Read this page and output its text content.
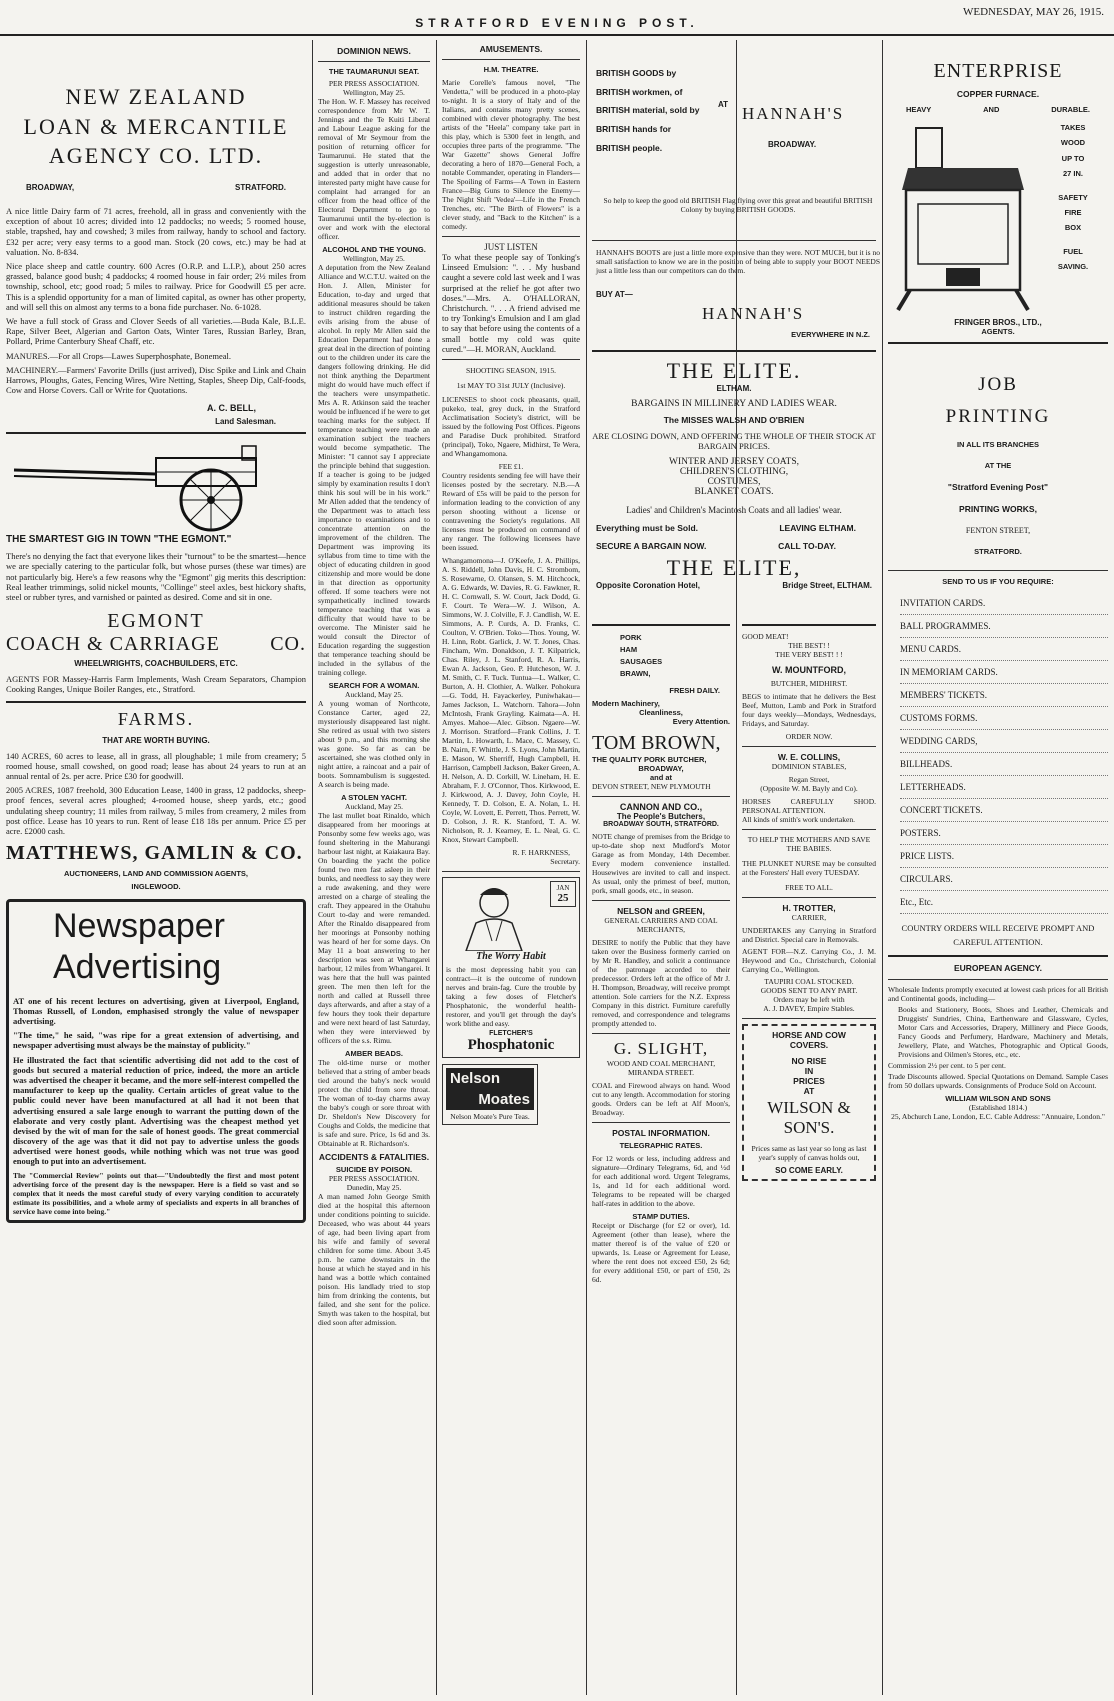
STRATFORD EVENING POST.
WEDNESDAY, MAY 26, 1915.
NEW ZEALAND
LOAN & MERCANTILE
AGENCY CO. LTD.
BROADWAY,	STRATFORD.
A nice little Dairy farm of 71 acres, freehold, all in grass and conveniently with the exception of about 10 acres; divided into 12 paddocks; no weeds; 5 roomed house, stable, trapshed, hay and cowshed; 3 miles from railway, handy to school and factory. £32 per acre; very easy terms to a good man. Stock (20 cows, etc.) may be had at valuation. No. 8-834.
Nice place sheep and cattle country. 600 Acres (O.R.P. and L.I.P.), about 250 acres grassed, balance good bush; 4 paddocks; 4 roomed house in fair order; 2½ miles from township, school, etc; good road; 5 miles to railway. Price for Goodwill £5 per acre. This is a splendid opportunity for a man of limited capital, as owner has other property, and will sell this on almost any terms to a bona fide purchaser. No. 6-1028.
We have a full stock of Grass and Clover Seeds of all varieties.—Buda Kale, B.L.E. Rape, Silver Beet, Algerian and Garton Oats, Winter Tares, Russian Barley, Bran, Pollard, Prime Canterbury Sheaf Chaff, etc.
MANURES.—For all Crops—Lawes Superphosphate, Bonemeal.
MACHINERY.—Farmers' Favorite Drills (just arrived), Disc Spike and Link and Chain Harrows, Ploughs, Gates, Fencing Wires, Wire Netting, Staples, Sheep Dip, Calf-foods, Cow and Horse Covers. Call or Write for Quotations.
A. C. BELL,
Land Salesman.
THE SMARTEST GIG IN TOWN "THE EGMONT."
There's no denying the fact that everyone likes their "turnout" to be the smartest—hence we are specially catering to the particular folk, but whose purses (these war times) are not particularly big. Here's a few reasons why the "Egmont" gig merits this description: Real leather trimmings, solid nickel mounts, "Collinge" steel axles, best hickory shafts, steel or rubber tyres, and varnished or painted as desired. Come and sit in one.
EGMONT
COACH & CARRIAGE	CO.
WHEELWRIGHTS, COACHBUILDERS, ETC.
AGENTS FOR Massey-Harris Farm Implements, Wash Cream Separators, Champion Cooking Ranges, Unique Boiler Ranges, etc., Stratford.
FARMS.
THAT ARE WORTH BUYING.
140 ACRES, 60 acres to lease, all in grass, all ploughable; 1 mile from creamery; 5 roomed house, small cowshed, on good road; lease has about 24 years to run at an annual rental of 2s. per acre. Price £30 for goodwill.
2005 ACRES, 1087 freehold, 300 Education Lease, 1400 in grass, 12 paddocks, sheep-proof fences, several acres ploughed; 4-roomed house, sheep yards, etc.; good undulating sheep country; 11 miles from railway, 5 miles from creamery, 2 miles from post office. Lease has 10 years to run. Rent of lease £18 18s per annum. Price £5 per acre. £2000 cash.
MATTHEWS, GAMLIN & CO.
AUCTIONEERS, LAND AND COMMISSION AGENTS,
INGLEWOOD.
Newspaper
Advertising
AT one of his recent lectures on advertising, given at Liverpool, England, Thomas Russell, of London, emphasised strongly the value of newspaper advertising.
"The time," he said, "was ripe for a great extension of advertising, and newspaper advertising must always be the mainstay of publicity."
He illustrated the fact that scientific advertising did not add to the cost of goods but secured a material reduction of price, indeed, the more an article was advertised the cheaper it became, and the more self-interest compelled the manufacturer to keep up the quality. Certain articles of great value to the public could never have been manufactured at all had it not been that advertising ensured a sale large enough to warrant the putting down of the elaborate and very costly plant. Advertising was the cheapest method yet devised by the wit of man for the sale of honest goods. The great commercial discovery of the age was that it did not pay to advertise unless the goods advertised were honest goods, while nothing which was not true was good enough to put into an advertisement.
The "Commercial Review" points out that—"Undoubtedly the first and most potent advertising force of the present day is the newspaper. Here is a field so vast and so complex that it needs the most careful study of every varying condition to accurately estimate its possibilities, and a whole army of specialists and experts in all branches of service have come into being."
DOMINION NEWS.
THE TAUMARUNUI SEAT.
PER PRESS ASSOCIATION.
Wellington, May 25.
The Hon. W. F. Massey has received correspondence from Mr W. T. Jennings and the Te Kuiti Liberal and Labour League asking for the removal of Mr Seymour from the position of returning officer for Taumarunui. He stated that the suggestion is utterly unreasonable, and added that in order that no interested party might have cause for complaint had arranged for an officer from the head office of the Electoral Department to go to Taumarunui until the by-election is over and work with the electoral officer.
ALCOHOL AND THE YOUNG.
Wellington, May 25.
A deputation from the New Zealand Alliance and W.C.T.U. waited on the Hon. J. Allen, Minister for Education, to-day and urged that additional measures should be taken to instruct children regarding the evils arising from the abuse of alcohol. In reply Mr Allen said the Education Department had done a great deal in the direction of pointing out to the children under its care the dangers following drinking. He did not think anything the Department might do would have much effect if the teachers were unsympathetic. Mrs A. R. Atkinson said the teacher would be influenced if he were to get teaching marks for the subject. If temperance teaching were made an examination subject the teachers would become sympathetic. The Minister: "I cannot say I appreciate the principle behind that suggestion. If a teacher is going to be judged simply by examination results I don't think his soul will be in his work." Mr Allen added that the tendency of the Department was to attach less importance to examinations and to concentrate attention on the improvement of the children. The Department was improving its syllabus from time to time with the object of educating children in good citizenship and more would be done in that direction as opportunity offered. If some teachers were not sympathetically inclined towards temperance teaching that was a difficulty that would have to be overcome. The Minister said he would consult the Director of Education regarding the suggestion that temperance teaching should be included in the syllabus of the training college.
SEARCH FOR A WOMAN.
Auckland, May 25.
A young woman of Northcote, Constance Carter, aged 22, mysteriously disappeared last night. She retired as usual with two sisters about 9 p.m., and this morning she was gone. So far as can be ascertained, she was clothed only in night attire, a raincoat and a pair of boots. Somnambulism is suggested. A search is being made.
A STOLEN YACHT.
Auckland, May 25.
The last mullet boat Rinaldo, which disappeared from her moorings at Ponsonby some few weeks ago, was found sheltering in the Mahurangi harbour last night, at Kaiakaura Bay. On boarding the yacht the police found two men fast asleep in their bunks, and needless to say they were a rude awakening, and they were arrested on a charge of stealing the craft. They appeared in the Otahuhu Court to-day and were remanded. After the Rinaldo disappeared from her moorings at Ponsonby nothing was heard of her for some days. On May 11 a boat answering to her description was seen at Whangarei harbour, 12 miles from Whangarei. It was here that the hull was painted green. The men then left for the north and called at Russell three days afterwards, and after a stay of a few hours they took their departure and were next heard of last Saturday, when they were interviewed by officers of the s.s. Rimu.
AMBER BEADS.
The old-time nurse or mother believed that a string of amber beads tied around the baby's neck would protect the child from sore throat. The woman of to-day charms away the baby's cough or sore throat with Dr. Sheldon's New Discovery for Coughs and Colds, the medicine that is safe and sure. Price, 1s 6d and 3s. Obtainable at R. Richardson's.
ACCIDENTS & FATALITIES.
SUICIDE BY POISON.
PER PRESS ASSOCIATION.
Dunedin, May 25.
A man named John George Smith died at the hospital this afternoon under conditions pointing to suicide. Deceased, who was about 44 years of age, had been living apart from his wife and family of several children for some time. About 3.45 p.m. he came downstairs in the house at which he stayed and in his hand was a bottle which contained poison. His landlady tried to stop him from drinking the contents, but failed, and she sent for the police. Smyth was taken to the hospital, but died soon after admission.
AMUSEMENTS.
H.M. THEATRE.
Marie Corelle's famous novel, "The Vendetta," will be produced in a photo-play to-night. It is a story of Italy and of the Italians, and contains many pretty scenes, combined with clever photography. The best artists of the "Heela" company take part in this play, which is 5300 feet in length, and occupies three parts of the programme. "The War Gazette" shows General Joffre decorating a hero of 1870—General Foch, a notable Commander, operating in Flanders—The Spoiling of Farms—A Town in Eastern France—Big Guns to Silence the Enemy—The Night Shift 'Vedea'—Life in the French Trenches, etc. "The Birth of Flowers" is a clever study, and "Back to the Kitchen" is a comedy.
JUST LISTEN
To what these people say of Tonking's Linseed Emulsion: ". . . My husband caught a severe cold last week and I was surprised at the relief he got after two doses."—Mrs. A. O'HALLORAN, Christchurch. ". . . A friend advised me to try Tonking's Emulsion and I am glad to say that before using the contents of a small bottle my cold was quite cured."—H. MORAN, Auckland.
SHOOTING SEASON, 1915.
1st MAY TO 31st JULY (Inclusive).
LICENSES to shoot cock pheasants, quail, pukeko, teal, grey duck, in the Stratford Acclimatisation Society's district, will be issued by the following Post Offices. Pigeons and Paradise Duck prohibited. Stratford (principal), Toko, Ngaere, Midhirst, Te Wera, and Whangamomona.
FEE £1.
Country residents sending fee will have their licenses posted by the secretary. N.B.—A Reward of £5s will be paid to the person for information leading to the conviction of any person shooting without a license or contravening the Society's regulations. All licenses must be produced on command of any ranger. The following licensees have been issued.
Whangamomona—J. O'Keefe, J. A. Phillips, A. S. Riddell, John Davis, H. C. Strombom, S. Rosewarne, O. Olansen, S. M. Hitchcock, A. G. Edwards, W. Davies, R. G. Fawkner, R. H. C. Cornwall, S. W. Court, Jack Dodd, G. F. Court. Te Wera—W. J. Wilson, A. Simmons, W. J. Colville, F. J. Candlish, W. E. Simmons, A. P. Curds, A. D. Franks, C. Coulton, V. O'Brien. Toko—Thos. Young, W. H. Linn, Robt. Garlick, J. W. T. Jones, Chas. Fincham, Wm. Donaldson, J. T. Kilpatrick, Chas. Riley, J. L. Stanford, R. A. Harris, Ewan A. Jackson, Geo. P. Hutcheson, W. J. M. Smith, C. F. Tuck. Tuntua—L. Walker, C. Burton, A. H. Clothier, A. Walker. Pohokura—G. Todd, H. Fayackerley, Puniwhakau—James Jackson, L. Watchorn. Tahora—John McIntosh, Frank Grayling. Kaimata—A. H. Amyes. Mahoe—Alec. Gibson. Ngaere—W. J. Morrison. Stratford—Frank Collins, J. T. Martin, L. Howarth, L. Mace, C. Massey, C. B. Nairn, F. Whittle, J. S. Lyons, John Martin, E. Mason, W. Sherriff, Hugh Campbell, H. Harrison, Campbell Jackson, Baker Green, A. H. Nelson, A. D. Corkill, W. Lineham, H. E. Abraham, F. J. O'Connor, Thos. Kirkwood, E. J. Kirkwood, A. J. Davey, John Coyle, H. Kennedy, T. D. Colson, E. A. Nolan, L. H. Coyle, W. Lovett, E. Perrett, Thos. Perrett, W. D. Colson, J. R. K. Stanford, T. A. W. Nicholson, R. J. Kearney, E. L. Neal, G. C. Knox, Stewart Campbell.
R. F. HARKNESS,
Secretary.
JAN
25
The Worry Habit
is the most depressing habit you can contract—it is the outcome of rundown nerves and brain-fag. Cure the trouble by taking a few doses of Fletcher's Phosphatonic, the wonderful health-restorer, and you'll get through the day's work blithe and easy.
FLETCHER'S
Phosphatonic
Nelson
Moates
Nelson Moate's Pure Teas.
BRITISH GOODS by
BRITISH workmen, of
BRITISH material, sold by
BRITISH hands for
BRITISH people.
AT HANNAH'S
BROADWAY.
So help to keep the good old BRITISH Flag flying over this great and beautiful BRITISH Colony by buying BRITISH GOODS.
HANNAH'S BOOTS are just a little more expensive than they were. NOT MUCH, but it is no small satisfaction to know we are in the position of being able to supply your BOOT NEEDS just a little less than our competitors can do them.
BUY AT—
HANNAH'S
EVERYWHERE IN N.Z.
THE ELITE.
ELTHAM.
BARGAINS IN MILLINERY AND LADIES WEAR.
The MISSES WALSH AND O'BRIEN
ARE CLOSING DOWN, AND OFFERING THE WHOLE OF THEIR STOCK AT BARGAIN PRICES.
WINTER AND JERSEY COATS,
CHILDREN'S CLOTHING,
COSTUMES,
BLANKET COATS.
Ladies' and Children's Macintosh Coats and all ladies' wear.
Everything must be Sold.	LEAVING ELTHAM.
SECURE A BARGAIN NOW.	CALL TO-DAY.
THE ELITE,
Opposite Coronation Hotel,	Bridge Street, ELTHAM.
PORK
HAM
SAUSAGES
BRAWN,
FRESH DAILY.
Modern Machinery,
Cleanliness,
Every Attention.
TOM BROWN,
THE QUALITY PORK BUTCHER,
BROADWAY,
and at
DEVON STREET, NEW PLYMOUTH
CANNON AND CO.,
The People's Butchers,
BROADWAY SOUTH, STRATFORD.
NOTE change of premises from the Bridge to up-to-date shop next Mudford's Motor Garage as from Monday, 14th December. Every modern convenience installed. Housewives are invited to call and inspect. As usual, only the primest of beef, mutton, pork, small goods, etc., in season.
NELSON and GREEN,
GENERAL CARRIERS AND COAL MERCHANTS,
DESIRE to notify the Public that they have taken over the Business formerly carried on by Mr R. Handley, and solicit a continuance of the patronage accorded to their predecessor. Orders left at the office of Mr J. H. Thompson, Broadway, will receive prompt attention. Sole carriers for the N.Z. Express Company in this district. Furniture carefully removed, and correspondence and telegrams promptly attended to.
G. SLIGHT,
WOOD AND COAL MERCHANT,
MIRANDA STREET.
COAL and Firewood always on hand. Wood cut to any length. Accommodation for storing goods. Orders can be left at Alf Moon's, Broadway.
POSTAL INFORMATION.
TELEGRAPHIC RATES.
For 12 words or less, including address and signature—Ordinary Telegrams, 6d, and ½d for each additional word. Urgent Telegrams, 1s, and 1d for each additional word. Telegrams to be repeated will be charged half-rates in addition to the above.
STAMP DUTIES.
Receipt or Discharge (for £2 or over), 1d. Agreement (other than lease), where the matter thereof is of the value of £20 or upwards, 1s. Lease or Agreement for Lease, where the rent does not exceed £50, 2s 6d; for every additional £50, or part of £50, 2s 6d.
GOOD MEAT!
THE BEST! !
THE VERY BEST! ! !
W. MOUNTFORD,
BUTCHER, MIDHIRST.
BEGS to intimate that he delivers the Best Beef, Mutton, Lamb and Pork in Stratford four days weekly—Mondays, Wednesdays, Fridays, and Saturday.
ORDER NOW.
W. E. COLLINS,
DOMINION STABLES,
Regan Street,
(Opposite W. M. Bayly and Co).
HORSES CAREFULLY SHOD. PERSONAL ATTENTION.
All kinds of smith's work undertaken.
TO HELP THE MOTHERS AND SAVE THE BABIES.
THE PLUNKET NURSE may be consulted at the Foresters' Hall every TUESDAY.
FREE TO ALL.
H. TROTTER,
CARRIER,
UNDERTAKES any Carrying in Stratford and District. Special care in Removals.
AGENT FOR—N.Z. Carrying Co., J. M. Heywood and Co., Christchurch, Colonial Carrying Co., Wellington.
TAUPIRI COAL STOCKED.
GOODS SENT TO ANY PART.
Orders may be left with
A. J. DAVEY, Empire Stables.
HORSE AND COW
COVERS.
NO RISE
IN
PRICES
AT
WILSON &
SON'S.
Prices same as last year so long as last year's supply of canvas holds out,
SO COME EARLY.
ENTERPRISE
COPPER FURNACE.
HEAVY	AND	DURABLE.
TAKES
WOOD
UP TO
27 IN.
SAFETY
FIRE
BOX
FUEL
SAVING.
FRINGER BROS., LTD.,
AGENTS.
JOB
PRINTING
IN ALL ITS BRANCHES
AT THE
"Stratford Evening Post"
PRINTING WORKS,
FENTON STREET,
STRATFORD.
SEND TO US IF YOU REQUIRE:
INVITATION CARDS.
BALL PROGRAMMES.
MENU CARDS.
IN MEMORIAM CARDS.
MEMBERS' TICKETS.
CUSTOMS FORMS.
WEDDING CARDS,
BILLHEADS.
LETTERHEADS.
CONCERT TICKETS.
POSTERS.
PRICE LISTS.
CIRCULARS.
Etc., Etc.
COUNTRY ORDERS WILL RECEIVE PROMPT AND CAREFUL ATTENTION.
EUROPEAN AGENCY.
Wholesale Indents promptly executed at lowest cash prices for all British and Continental goods, including—
Books and Stationery, Boots, Shoes and Leather, Chemicals and Druggists' Sundries, China, Earthenware and Glassware, Cycles, Motor Cars and Accessories, Drapery, Millinery and Piece Goods, Fancy Goods and Perfumery, Hardware, Machinery and Metals, Jewellery, Plate, and Watches, Photographic and Optical Goods, Provisions and Oilmen's Stores, etc., etc.
Commission 2½ per cent. to 5 per cent.
Trade Discounts allowed. Special Quotations on Demand. Sample Cases from 50 dollars upwards. Consignments of Produce Sold on Account.
WILLIAM WILSON AND SONS
(Established 1814.)
25, Abchurch Lane, London, E.C. Cable Address: "Annuaire, London."
